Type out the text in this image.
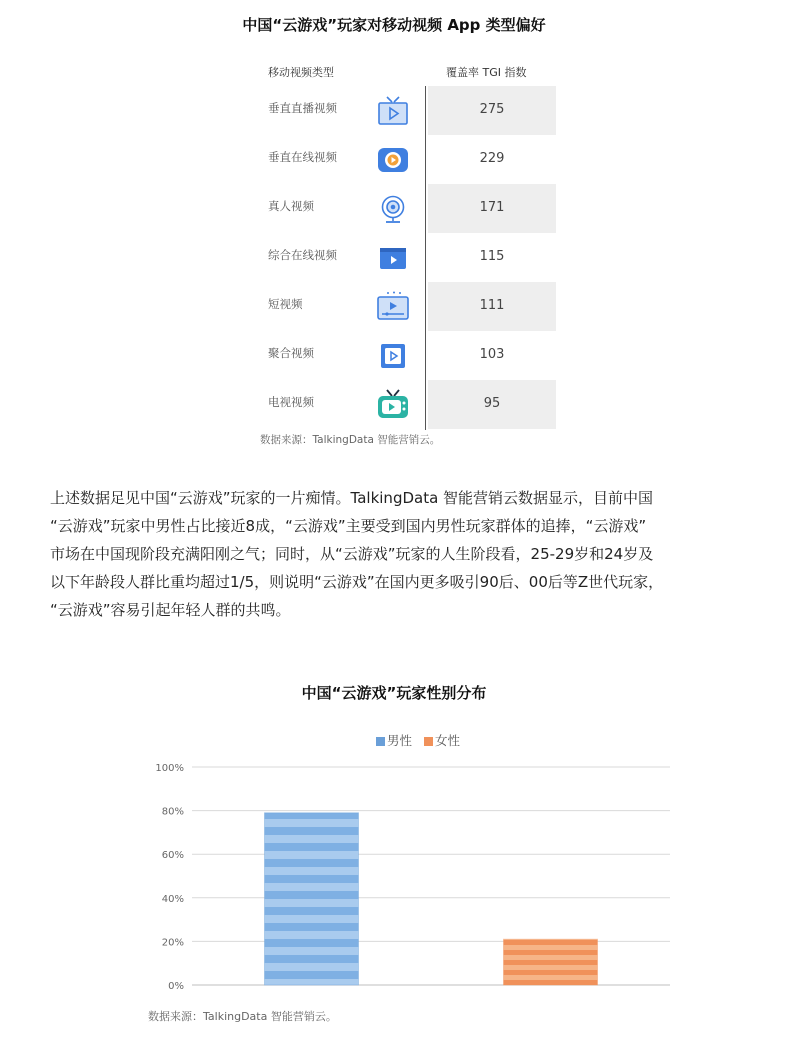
中国“云游戏”玩家对移动视频 App 类型偏好
移动视频类型	覆盖率 TGI 指数
垂直直播视频	275
垂直在线视频	229
真人视频	171
综合在线视频	115
短视频	111
聚合视频	103
电视视频	95
数据来源：TalkingData 智能营销云。
上述数据足见中国“云游戏”玩家的一片痴情。TalkingData 智能营销云数据显示，目前中国
“云游戏”玩家中男性占比接近8成，“云游戏”主要受到国内男性玩家群体的追捧，“云游戏”
市场在中国现阶段充满阳刚之气；同时，从“云游戏”玩家的人生阶段看，25-29岁和24岁及
以下年龄段人群比重均超过1/5，则说明“云游戏”在国内更多吸引90后、00后等Z世代玩家，
“云游戏”容易引起年轻人群的共鸣。
中国“云游戏”玩家性别分布
男性 女性
0%
20%
40%
60%
80%
100%
数据来源：TalkingData 智能营销云。
